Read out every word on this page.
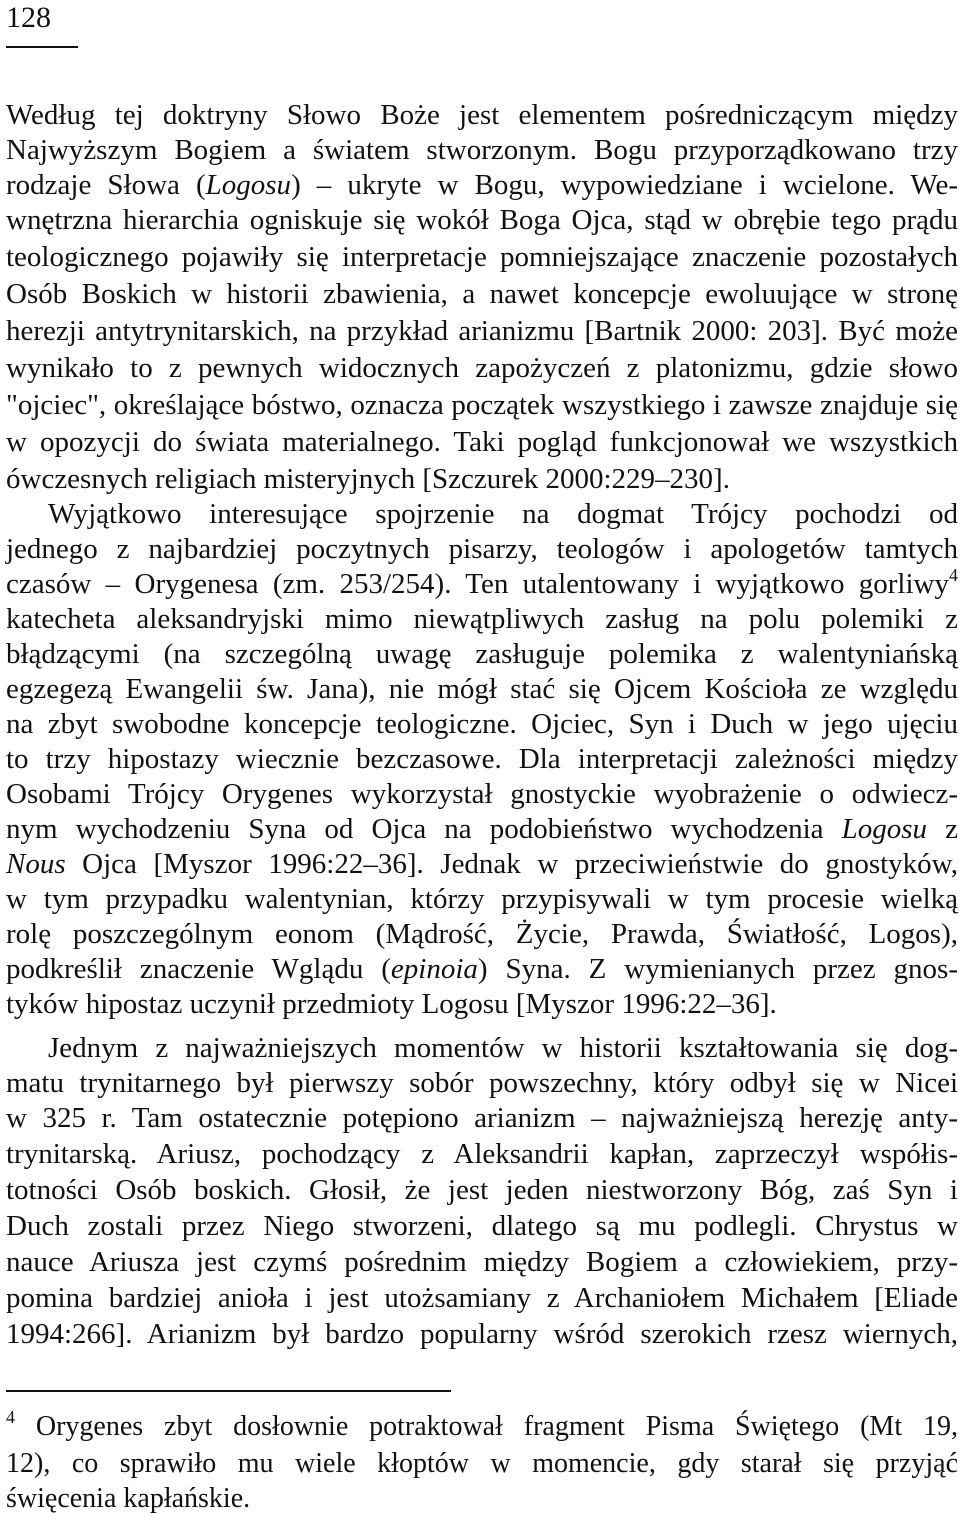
128
Według tej doktryny Słowo Boże jest elementem pośredniczącym między
Najwyższym Bogiem a światem stworzonym. Bogu przyporządkowano trzy
rodzaje Słowa (Logosu) – ukryte w Bogu, wypowiedziane i wcielone. We-
wnętrzna hierarchia ogniskuje się wokół Boga Ojca, stąd w obrębie tego prądu
teologicznego pojawiły się interpretacje pomniejszające znaczenie pozostałych
Osób Boskich w historii zbawienia, a nawet koncepcje ewoluujące w stronę
herezji antytrynitarskich, na przykład arianizmu [Bartnik 2000: 203]. Być może
wynikało to z pewnych widocznych zapożyczeń z platonizmu, gdzie słowo
"ojciec", określające bóstwo, oznacza początek wszystkiego i zawsze znajduje się
w opozycji do świata materialnego. Taki pogląd funkcjonował we wszystkich
ówczesnych religiach misteryjnych [Szczurek 2000:229–230].
Wyjątkowo interesujące spojrzenie na dogmat Trójcy pochodzi od
jednego z najbardziej poczytnych pisarzy, teologów i apologetów tamtych
czasów – Orygenesa (zm. 253/254). Ten utalentowany i wyjątkowo gorliwy$^4$
katecheta aleksandryjski mimo niewątpliwych zasług na polu polemiki z
błądzącymi (na szczególną uwagę zasługuje polemika z walentyniańską
egzegezą Ewangelii św. Jana), nie mógł stać się Ojcem Kościoła ze względu
na zbyt swobodne koncepcje teologiczne. Ojciec, Syn i Duch w jego ujęciu
to trzy hipostazy wiecznie bezczasowe. Dla interpretacji zależności między
Osobami Trójcy Orygenes wykorzystał gnostyckie wyobrażenie o odwiecz-
nym wychodzeniu Syna od Ojca na podobieństwo wychodzenia Logosu z
Nous Ojca [Myszor 1996:22–36]. Jednak w przeciwieństwie do gnostyków,
w tym przypadku walentynian, którzy przypisywali w tym procesie wielką
rolę poszczególnym eonom (Mądrość, Życie, Prawda, Światłość, Logos),
podkreślił znaczenie Wglądu (epinoia) Syna. Z wymienianych przez gnos-
tyków hipostaz uczynił przedmioty Logosu [Myszor 1996:22–36].
Jednym z najważniejszych momentów w historii kształtowania się dog-
matu trynitarnego był pierwszy sobór powszechny, który odbył się w Nicei
w 325 r. Tam ostatecznie potępiono arianizm – najważniejszą herezję anty-
trynitarską. Ariusz, pochodzący z Aleksandrii kapłan, zaprzeczył współis-
totności Osób boskich. Głosił, że jest jeden niestworzony Bóg, zaś Syn i
Duch zostali przez Niego stworzeni, dlatego są mu podlegli. Chrystus w
nauce Ariusza jest czymś pośrednim między Bogiem a człowiekiem, przy-
pomina bardziej anioła i jest utożsamiany z Archaniołem Michałem [Eliade
1994:266]. Arianizm był bardzo popularny wśród szerokich rzesz wiernych,
$^4$ Orygenes zbyt dosłownie potraktował fragment Pisma Świętego (Mt 19,
12), co sprawiło mu wiele kłoptów w momencie, gdy starał się przyjąć
święcenia kapłańskie.
